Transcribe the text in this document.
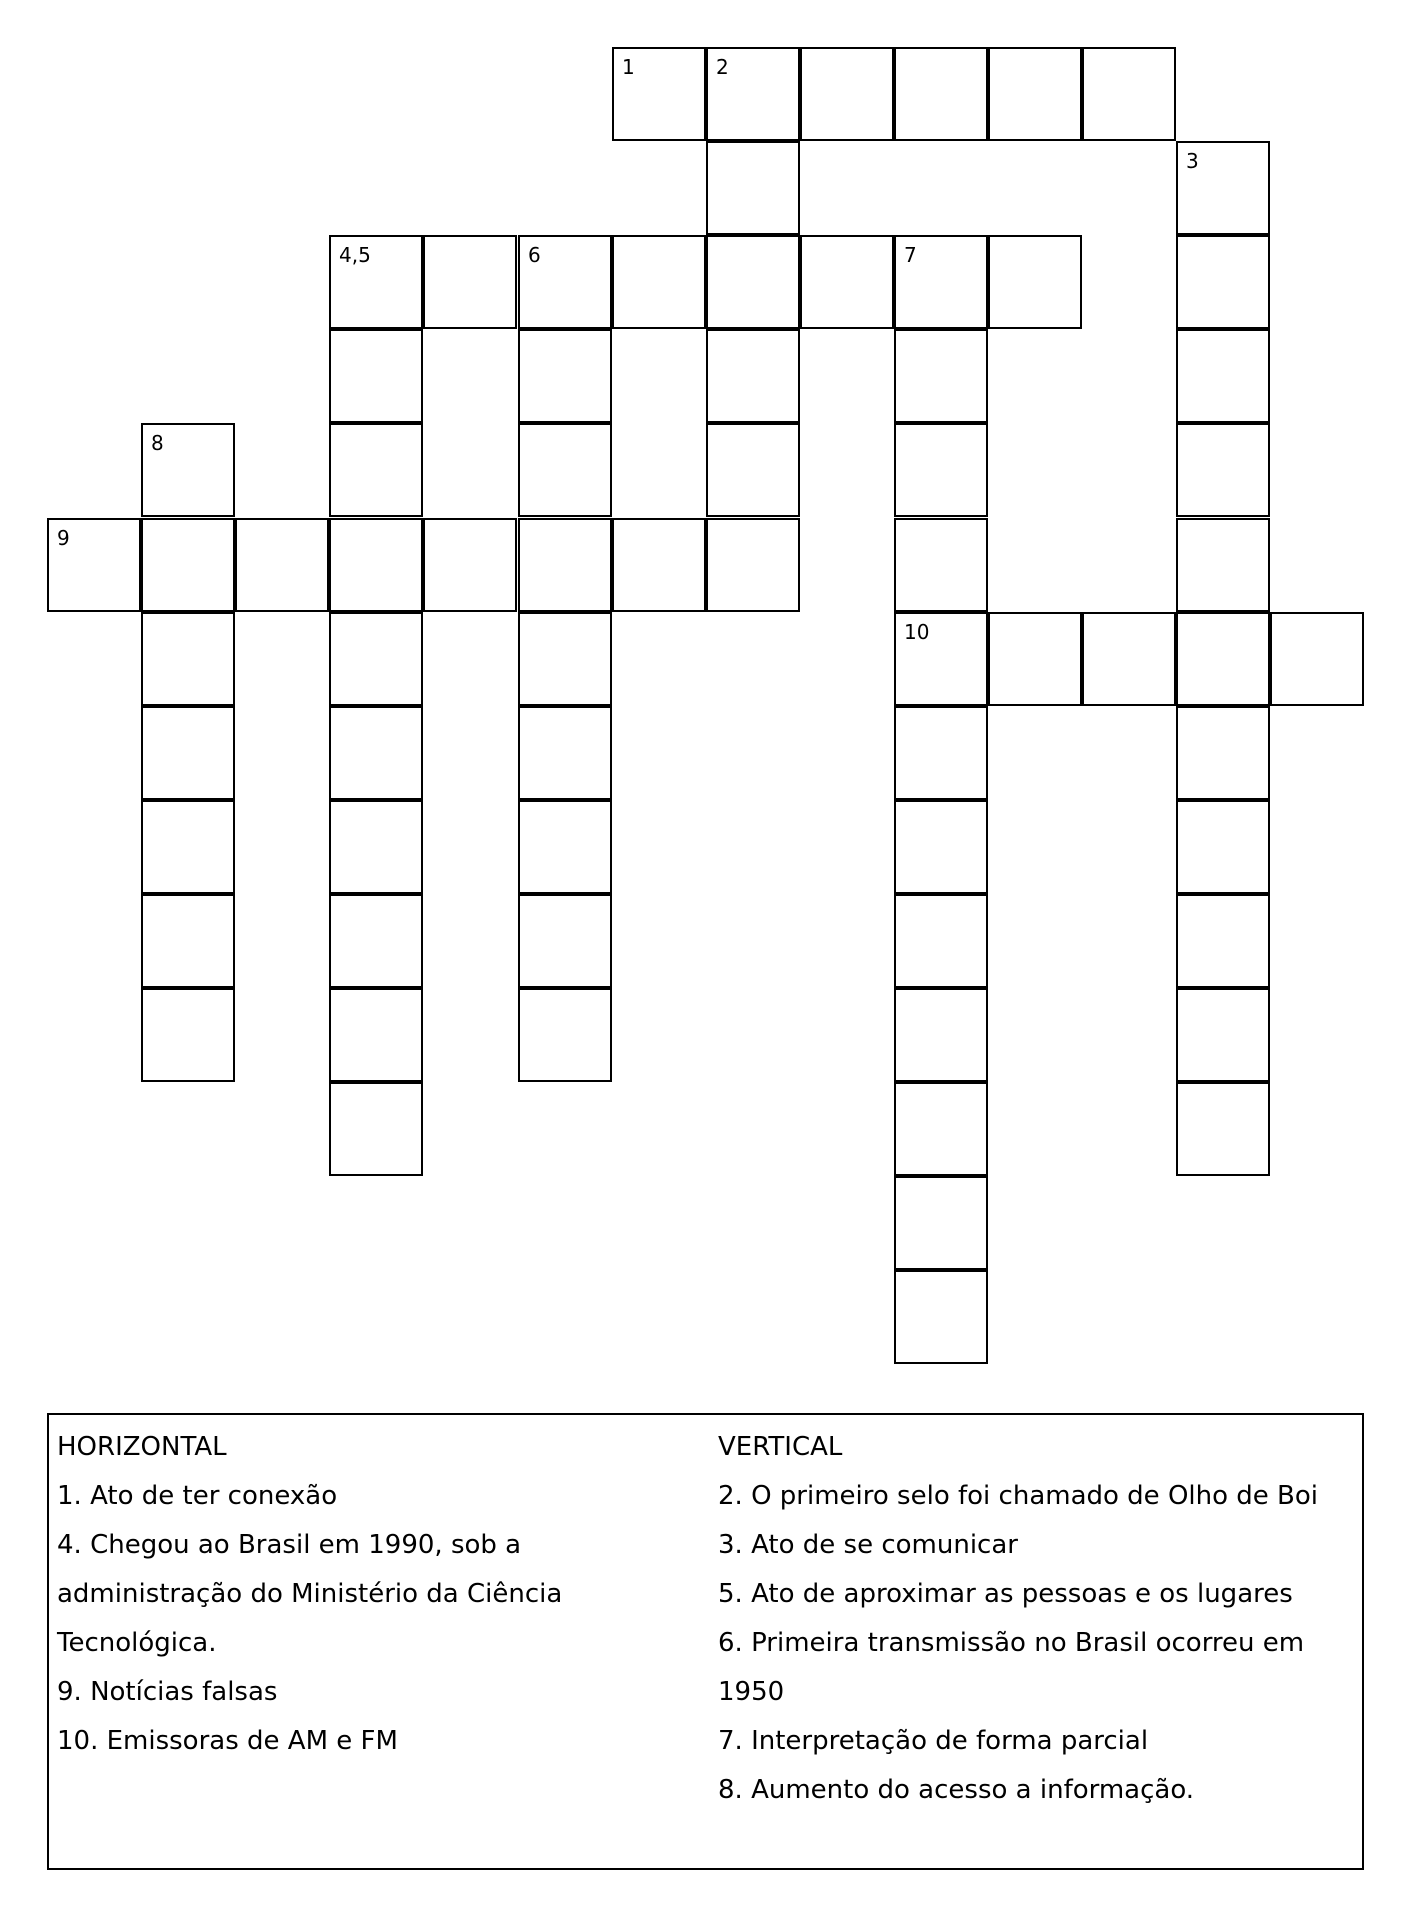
1	2
3
4,5	6	7
8
9
10
HORIZONTAL
1. Ato de ter conexão
4. Chegou ao Brasil em 1990, sob a
administração do Ministério da Ciência
Tecnológica.
9. Notícias falsas
10. Emissoras de AM e FM
VERTICAL
2. O primeiro selo foi chamado de Olho de Boi
3. Ato de se comunicar
5. Ato de aproximar as pessoas e os lugares
6. Primeira transmissão no Brasil ocorreu em
1950
7. Interpretação de forma parcial
8. Aumento do acesso a informação.
